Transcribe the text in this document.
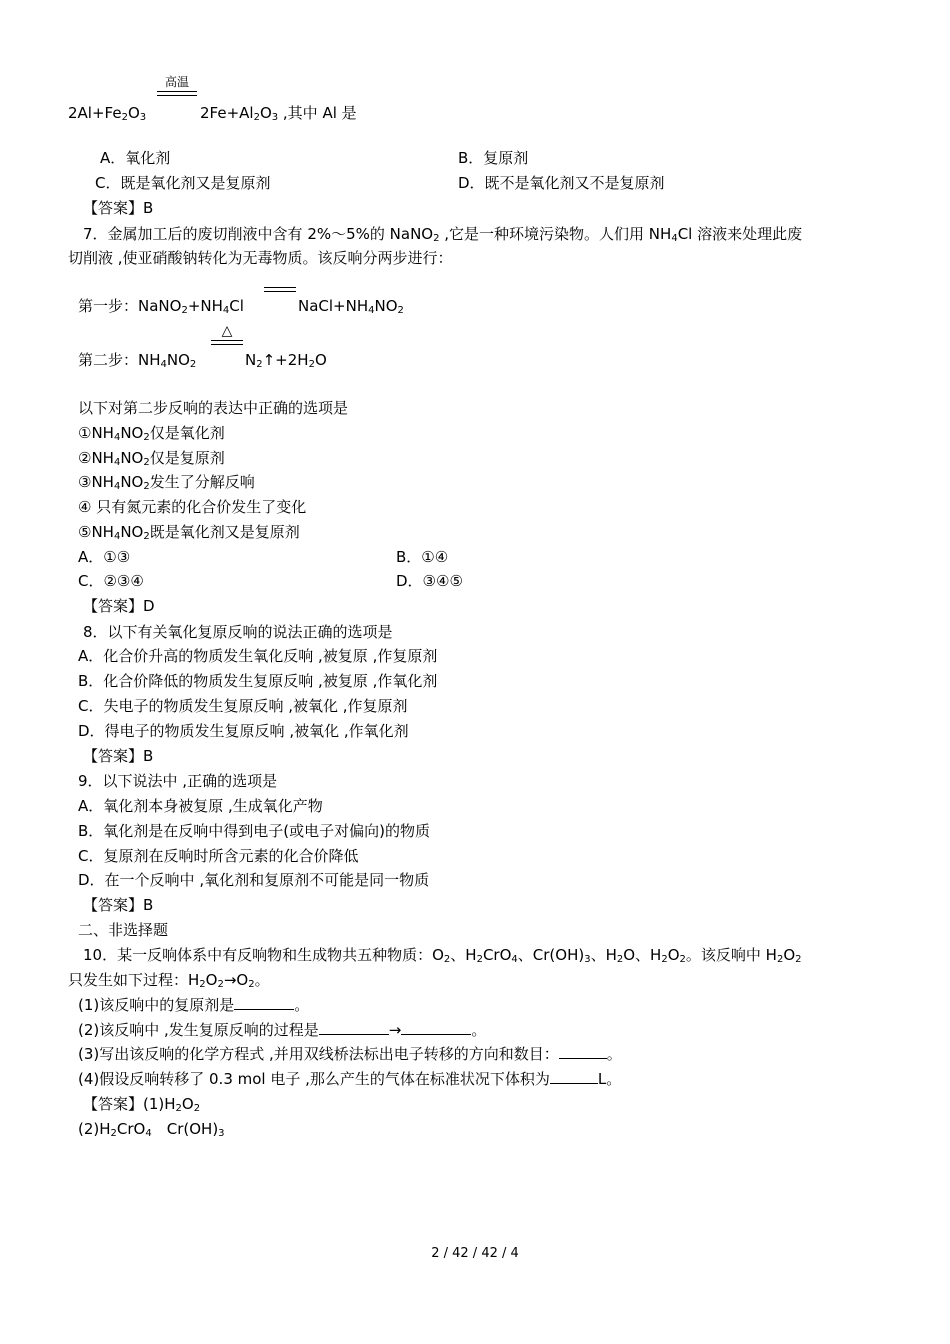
高温
$2Al+Fe_2O_3$	$2Fe+Al_2O_3$ ,其中 Al 是
A．氧化剂	B．复原剂
C．既是氧化剂又是复原剂	D．既不是氧化剂又不是复原剂
【答案】B
7．金属加工后的废切削液中含有 2%～5%的 NaNO$_2$ ,它是一种环境污染物。人们用 $NH_4Cl$ 溶液来处理此废
切削液 ,使亚硝酸钠转化为无毒物质。该反响分两步进行：
第一步：$NaNO_2+NH_4Cl$	$NaCl+NH_4NO_2$
△
第二步：$NH_4NO_2$	$N_2↑+2H_2O$
以下对第二步反响的表达中正确的选项是
$①NH_4NO_2$仅是氧化剂
$②NH_4NO_2$仅是复原剂
$③NH_4NO_2$发生了分解反响
④ 只有氮元素的化合价发生了变化
$⑤NH_4NO_2$既是氧化剂又是复原剂
A．①③	B．①④
C．②③④	D．③④⑤
【答案】D
8．以下有关氧化复原反响的说法正确的选项是
A．化合价升高的物质发生氧化反响 ,被复原 ,作复原剂
B．化合价降低的物质发生复原反响 ,被复原 ,作氧化剂
C．失电子的物质发生复原反响 ,被氧化 ,作复原剂
D．得电子的物质发生复原反响 ,被氧化 ,作氧化剂
【答案】B
9．以下说法中 ,正确的选项是
A．氧化剂本身被复原 ,生成氧化产物
B．氧化剂是在反响中得到电子(或电子对偏向)的物质
C．复原剂在反响时所含元素的化合价降低
D．在一个反响中 ,氧化剂和复原剂不可能是同一物质
【答案】B
二、非选择题
10．某一反响体系中有反响物和生成物共五种物质：$O_2$、$H_2CrO_4$、$Cr(OH)_3$、$H_2O$、$H_2O_2$。该反响中 $H_2O_2$
只发生如下过程：$H_2O_2\to O_2$。
(1)该反响中的复原剂是	。
(2)该反响中 ,发生复原反响的过程是	→	。
(3)写出该反响的化学方程式 ,并用双线桥法标出电子转移的方向和数目：	。
(4)假设反响转移了 0.3 mol 电子 ,那么产生的气体在标准状况下体积为	L。
【答案】$(1)H_2O_2$
$(2)H_2CrO_4$　$Cr(OH)_3$
2 / 42 / 42 / 4
